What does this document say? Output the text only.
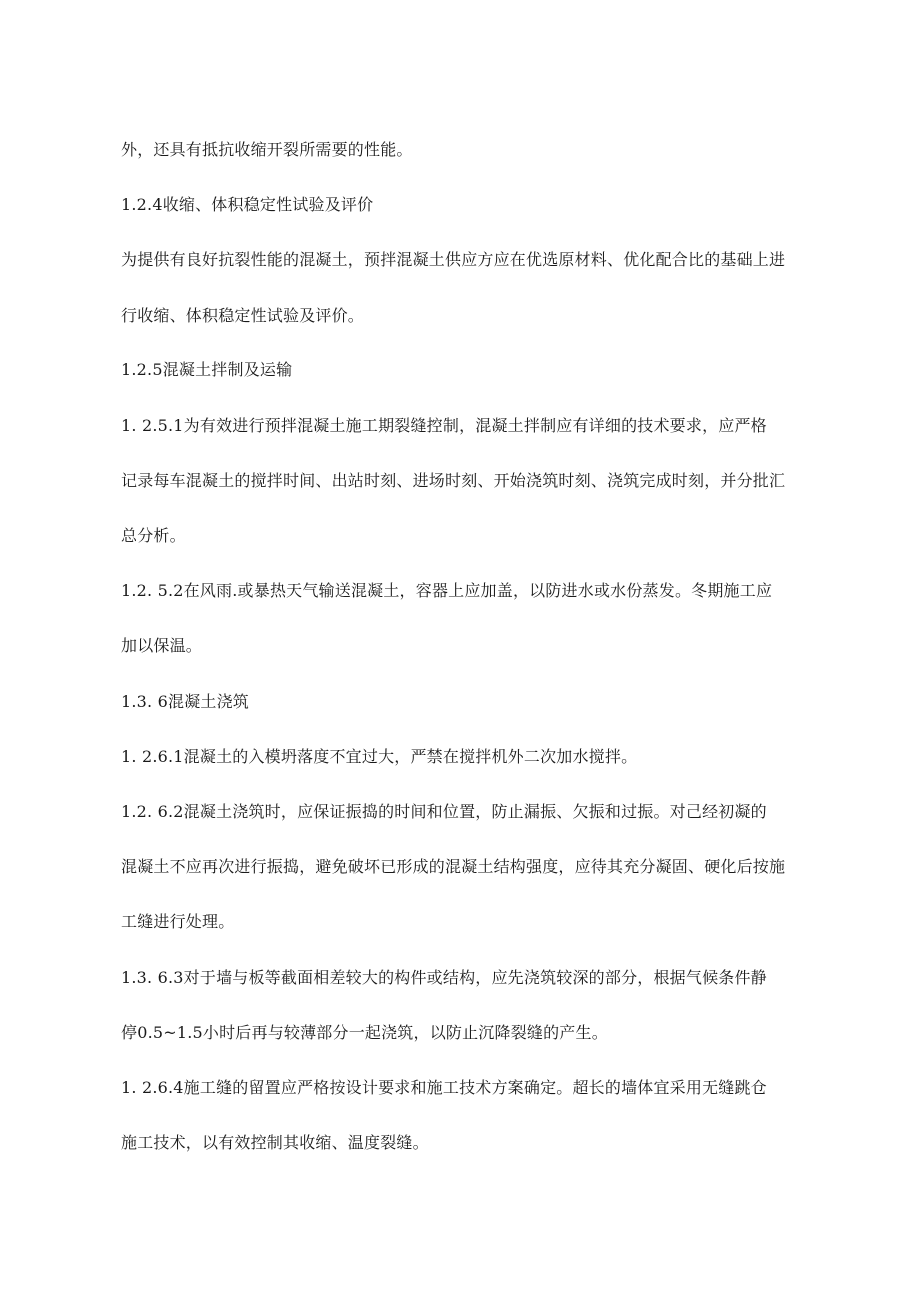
外，还具有抵抗收缩开裂所需要的性能。
1.2.4收缩、体积稳定性试验及评价
为提供有良好抗裂性能的混凝土，预拌混凝土供应方应在优选原材料、优化配合比的基础上进
行收缩、体积稳定性试验及评价。
1.2.5混凝土拌制及运输
1. 2.5.1为有效进行预拌混凝土施工期裂缝控制，混凝土拌制应有详细的技术要求，应严格
记录每车混凝土的搅拌时间、出站时刻、进场时刻、开始浇筑时刻、浇筑完成时刻，并分批汇
总分析。
1.2. 5.2在风雨.或暴热天气输送混凝土，容器上应加盖，以防进水或水份蒸发。冬期施工应
加以保温。
1.3. 6混凝土浇筑
1. 2.6.1混凝土的入模坍落度不宜过大，严禁在搅拌机外二次加水搅拌。
1.2. 6.2混凝土浇筑时，应保证振捣的时间和位置，防止漏振、欠振和过振。对己经初凝的
混凝土不应再次进行振捣，避免破坏已形成的混凝土结构强度，应待其充分凝固、硬化后按施
工缝进行处理。
1.3. 6.3对于墙与板等截面相差较大的构件或结构，应先浇筑较深的部分，根据气候条件静
停0.5~1.5小时后再与较薄部分一起浇筑，以防止沉降裂缝的产生。
1. 2.6.4施工缝的留置应严格按设计要求和施工技术方案确定。超长的墙体宜采用无缝跳仓
施工技术，以有效控制其收缩、温度裂缝。
